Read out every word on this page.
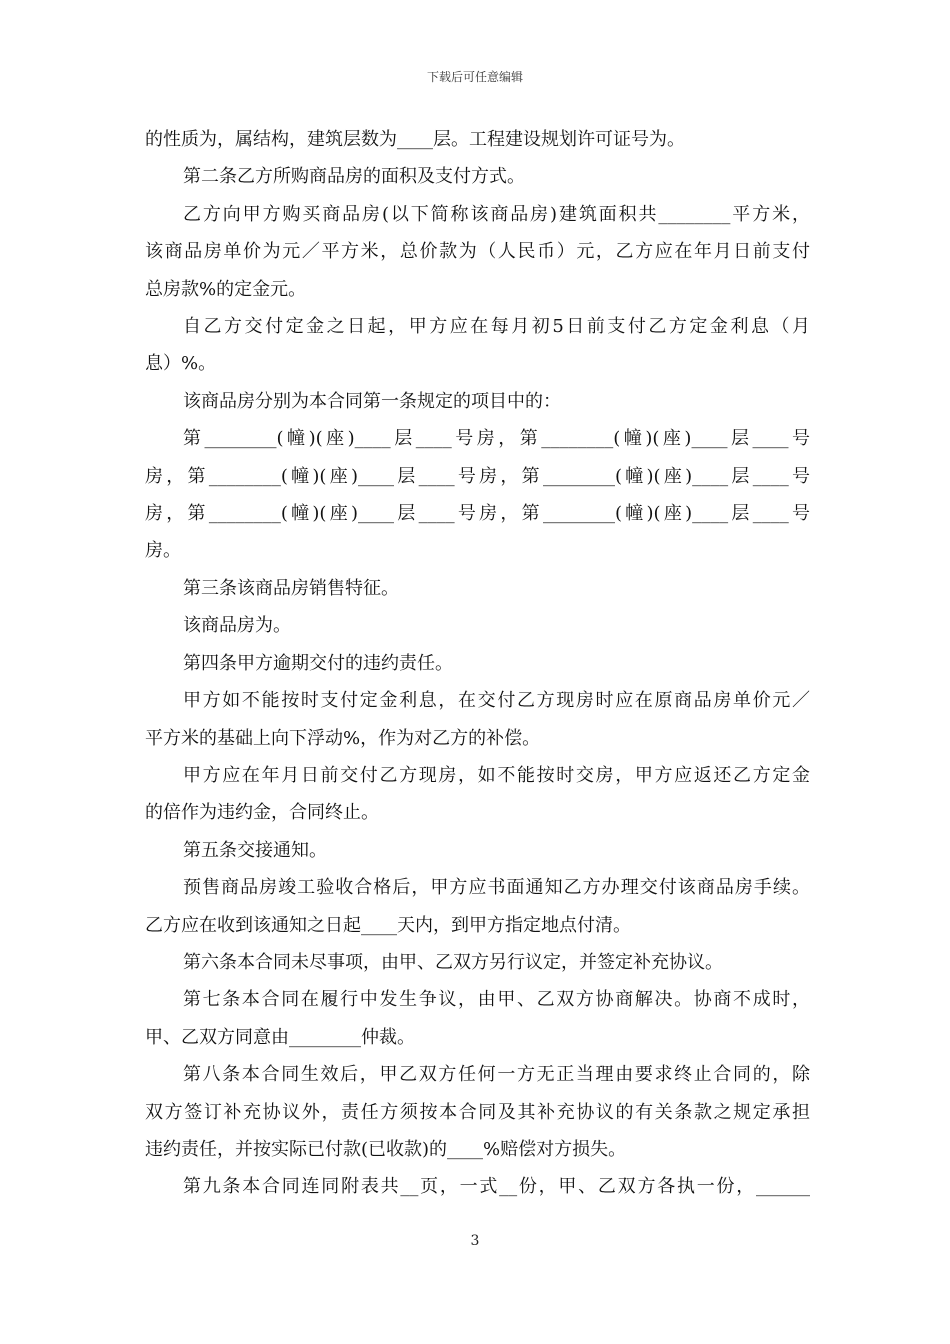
下载后可任意编辑

的性质为，属结构，建筑层数为____层。工程建设规划许可证号为。

第二条乙方所购商品房的面积及支付方式。

乙方向甲方购买商品房(以下简称该商品房)建筑面积共________平方米，

该商品房单价为元／平方米，总价款为（人民币）元，乙方应在年月日前支付

总房款%的定金元。

自乙方交付定金之日起，甲方应在每月初5日前支付乙方定金利息（月

息）%。

该商品房分别为本合同第一条规定的项目中的：

第________(幢)(座)____层____号房，第________(幢)(座)____层____号

房，第________(幢)(座)____层____号房，第________(幢)(座)____层____号

房，第________(幢)(座)____层____号房，第________(幢)(座)____层____号

房。

第三条该商品房销售特征。

该商品房为。

第四条甲方逾期交付的违约责任。

甲方如不能按时支付定金利息，在交付乙方现房时应在原商品房单价元／

平方米的基础上向下浮动%，作为对乙方的补偿。

甲方应在年月日前交付乙方现房，如不能按时交房，甲方应返还乙方定金

的倍作为违约金，合同终止。

第五条交接通知。

预售商品房竣工验收合格后，甲方应书面通知乙方办理交付该商品房手续。

乙方应在收到该通知之日起____天内，到甲方指定地点付清。

第六条本合同未尽事项，由甲、乙双方另行议定，并签定补充协议。

第七条本合同在履行中发生争议，由甲、乙双方协商解决。协商不成时，

甲、乙双方同意由________仲裁。

第八条本合同生效后，甲乙双方任何一方无正当理由要求终止合同的，除

双方签订补充协议外，责任方须按本合同及其补充协议的有关条款之规定承担

违约责任，并按实际已付款(已收款)的____%赔偿对方损失。

第九条本合同连同附表共__页，一式__份，甲、乙双方各执一份，______

3
